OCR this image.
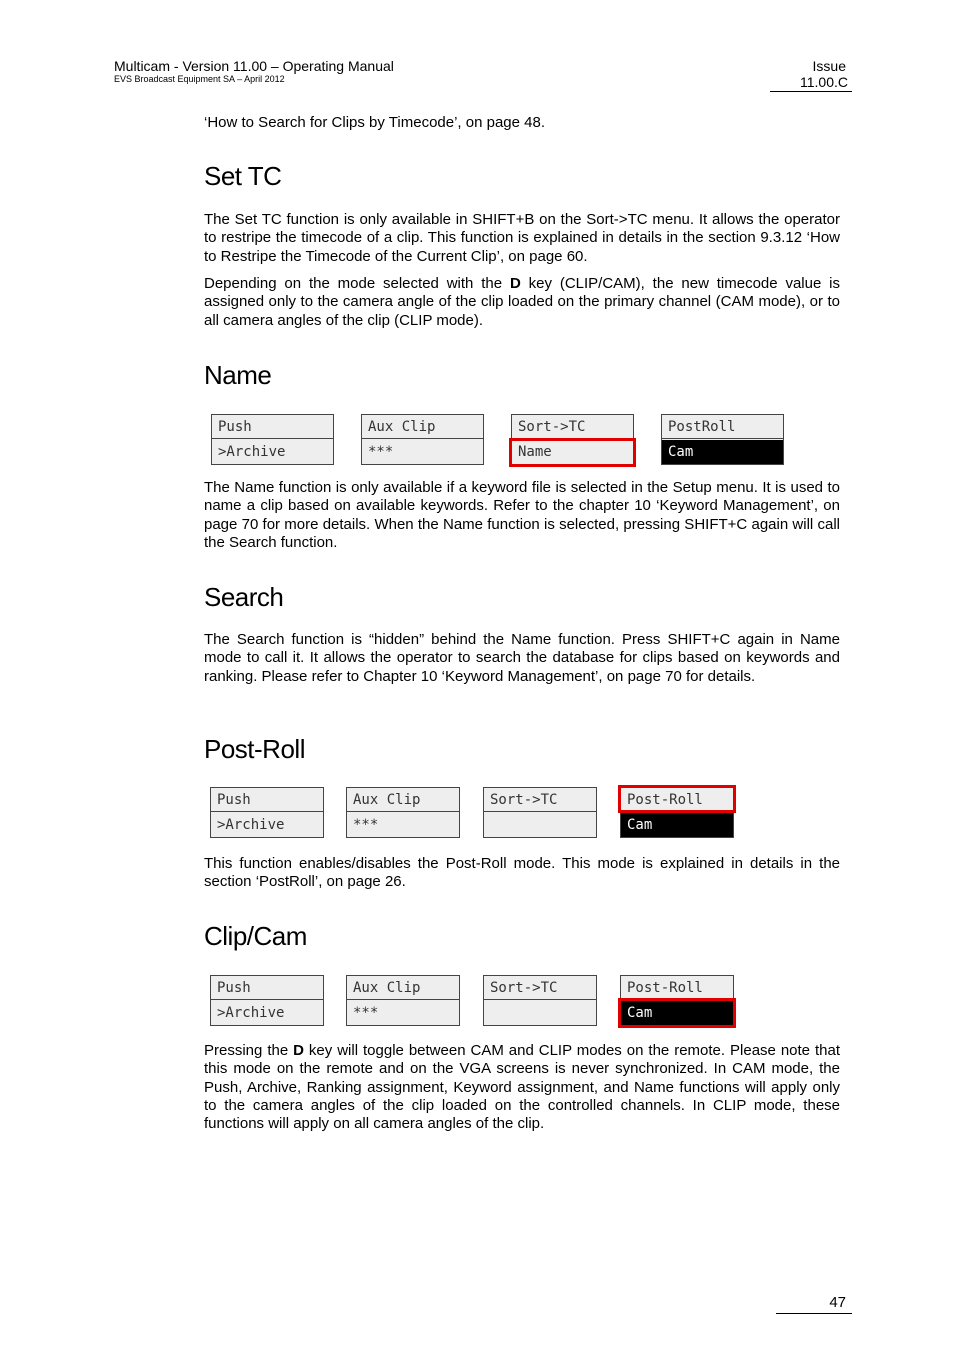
Multicam - Version 11.00 – Operating Manual
EVS Broadcast Equipment SA – April 2012
Issue
11.00.C

‘How to Search for Clips by Timecode’, on page 48.

Set TC

The Set TC function is only available in SHIFT+B on the Sort->TC menu. It allows the operator to restripe the timecode of a clip. This function is explained in details in the section 9.3.12 ‘How to Restripe the Timecode of the Current Clip’, on page 60.

Depending on the mode selected with the D key (CLIP/CAM), the new timecode value is assigned only to the camera angle of the clip loaded on the primary channel (CAM mode), or to all camera angles of the clip (CLIP mode).

Name
Push
>Archive
Aux Clip
***
Sort->TC
Name
PostRoll
Cam

The Name function is only available if a keyword file is selected in the Setup menu. It is used to name a clip based on available keywords. Refer to the chapter 10 ‘Keyword Management’, on page 70 for more details. When the Name function is selected, pressing SHIFT+C again will call the Search function.

Search

The Search function is “hidden” behind the Name function. Press SHIFT+C again in Name mode to call it. It allows the operator to search the database for clips based on keywords and ranking. Please refer to Chapter 10 ‘Keyword Management’, on page 70 for details.

Post-Roll
Push
>Archive
Aux Clip
***
Sort->TC	Post-Roll
Cam

This function enables/disables the Post-Roll mode. This mode is explained in details in the section ‘PostRoll’, on page 26.

Clip/Cam
Push
>Archive
Aux Clip
***
Sort->TC	Post-Roll
Cam

Pressing the D key will toggle between CAM and CLIP modes on the remote. Please note that this mode on the remote and on the VGA screens is never synchronized. In CAM mode, the Push, Archive, Ranking assignment, Keyword assignment, and Name functions will apply only to the camera angles of the clip loaded on the controlled channels. In CLIP mode, these functions will apply on all camera angles of the clip.

47
